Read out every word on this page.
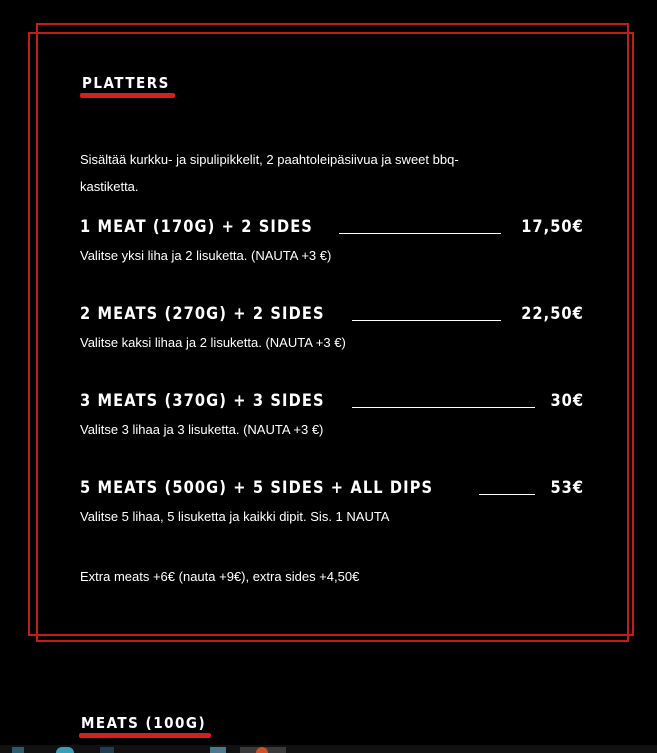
PLATTERS
Sisältää kurkku- ja sipulipikkelit, 2 paahtoleipäsiivua ja sweet bbq-kastiketta.
1 MEAT (170G) + 2 SIDES	17,50€
Valitse yksi liha ja 2 lisuketta. (NAUTA +3 €)
2 MEATS (270G) + 2 SIDES	22,50€
Valitse kaksi lihaa ja 2 lisuketta. (NAUTA +3 €)
3 MEATS (370G) + 3 SIDES	30€
Valitse 3 lihaa ja 3 lisuketta. (NAUTA +3 €)
5 MEATS (500G) + 5 SIDES + ALL DIPS	53€
Valitse 5 lihaa, 5 lisuketta ja kaikki dipit. Sis. 1 NAUTA
Extra meats +6€ (nauta +9€), extra sides +4,50€
MEATS (100G)
